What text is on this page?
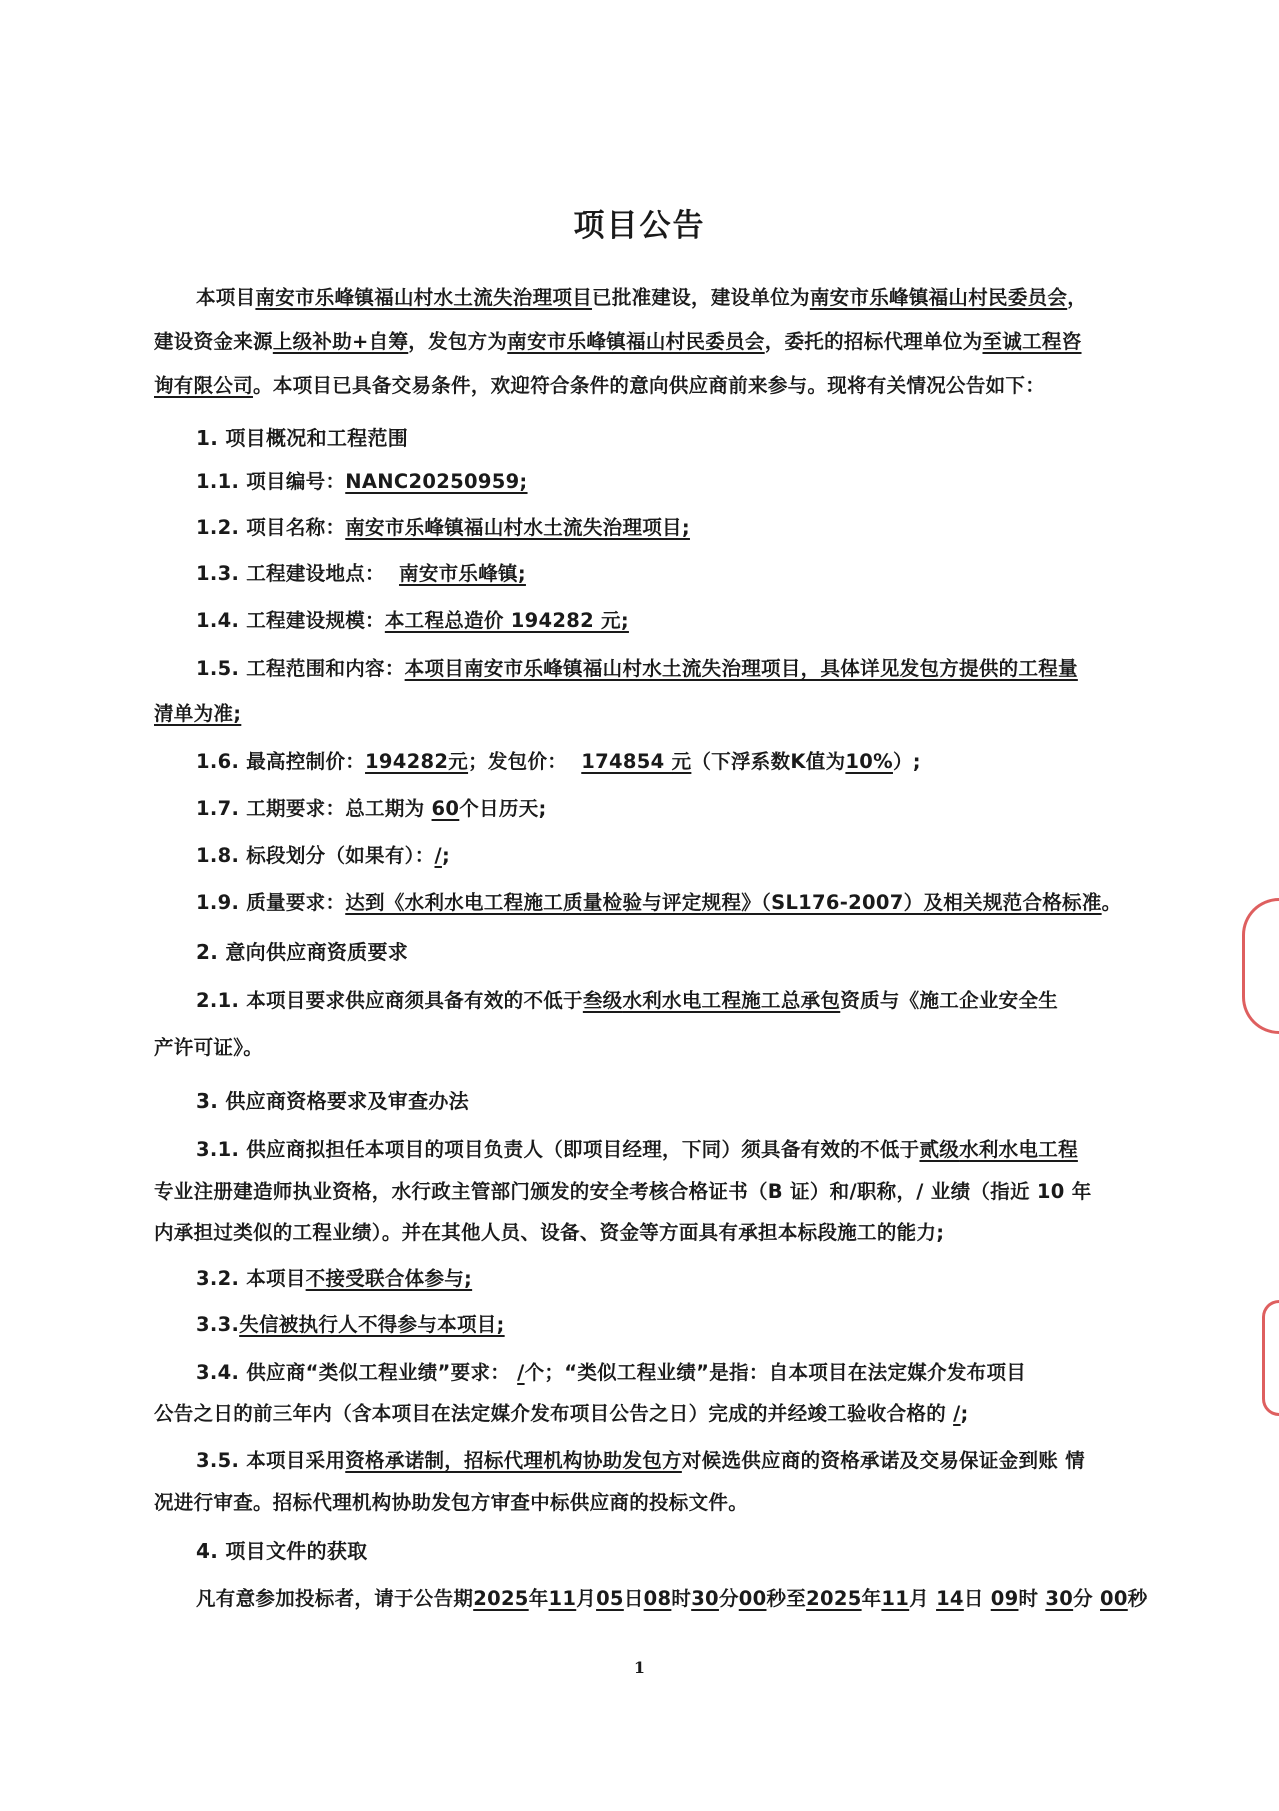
项目公告
本项目南安市乐峰镇福山村水土流失治理项目已批准建设，建设单位为南安市乐峰镇福山村民委员会，
建设资金来源上级补助+自筹，发包方为南安市乐峰镇福山村民委员会，委托的招标代理单位为至诚工程咨
询有限公司。本项目已具备交易条件，欢迎符合条件的意向供应商前来参与。现将有关情况公告如下：
1. 项目概况和工程范围
1.1. 项目编号：NANC20250959;
1.2. 项目名称：南安市乐峰镇福山村水土流失治理项目;
1.3. 工程建设地点： 南安市乐峰镇;
1.4. 工程建设规模：本工程总造价 194282 元;
1.5. 工程范围和内容：本项目南安市乐峰镇福山村水土流失治理项目，具体详见发包方提供的工程量
清单为准;
1.6. 最高控制价：194282元；发包价： 174854 元（下浮系数K值为10%）;
1.7. 工期要求：总工期为 60个日历天;
1.8. 标段划分（如果有）：/;
1.9. 质量要求：达到《水利水电工程施工质量检验与评定规程》（SL176-2007）及相关规范合格标准。
2. 意向供应商资质要求
2.1. 本项目要求供应商须具备有效的不低于叁级水利水电工程施工总承包资质与《施工企业安全生
产许可证》。
3. 供应商资格要求及审查办法
3.1. 供应商拟担任本项目的项目负责人（即项目经理，下同）须具备有效的不低于贰级水利水电工程
专业注册建造师执业资格，水行政主管部门颁发的安全考核合格证书（B 证）和/职称，/ 业绩（指近 10 年
内承担过类似的工程业绩）。并在其他人员、设备、资金等方面具有承担本标段施工的能力;
3.2. 本项目不接受联合体参与;
3.3.失信被执行人不得参与本项目;
3.4. 供应商“类似工程业绩”要求： /个；“类似工程业绩”是指：自本项目在法定媒介发布项目
公告之日的前三年内（含本项目在法定媒介发布项目公告之日）完成的并经竣工验收合格的 /;
3.5. 本项目采用资格承诺制，招标代理机构协助发包方对候选供应商的资格承诺及交易保证金到账 情
况进行审查。招标代理机构协助发包方审查中标供应商的投标文件。
4. 项目文件的获取
凡有意参加投标者，请于公告期2025年11月05日08时30分00秒至2025年11月 14日 09时 30分 00秒
1
